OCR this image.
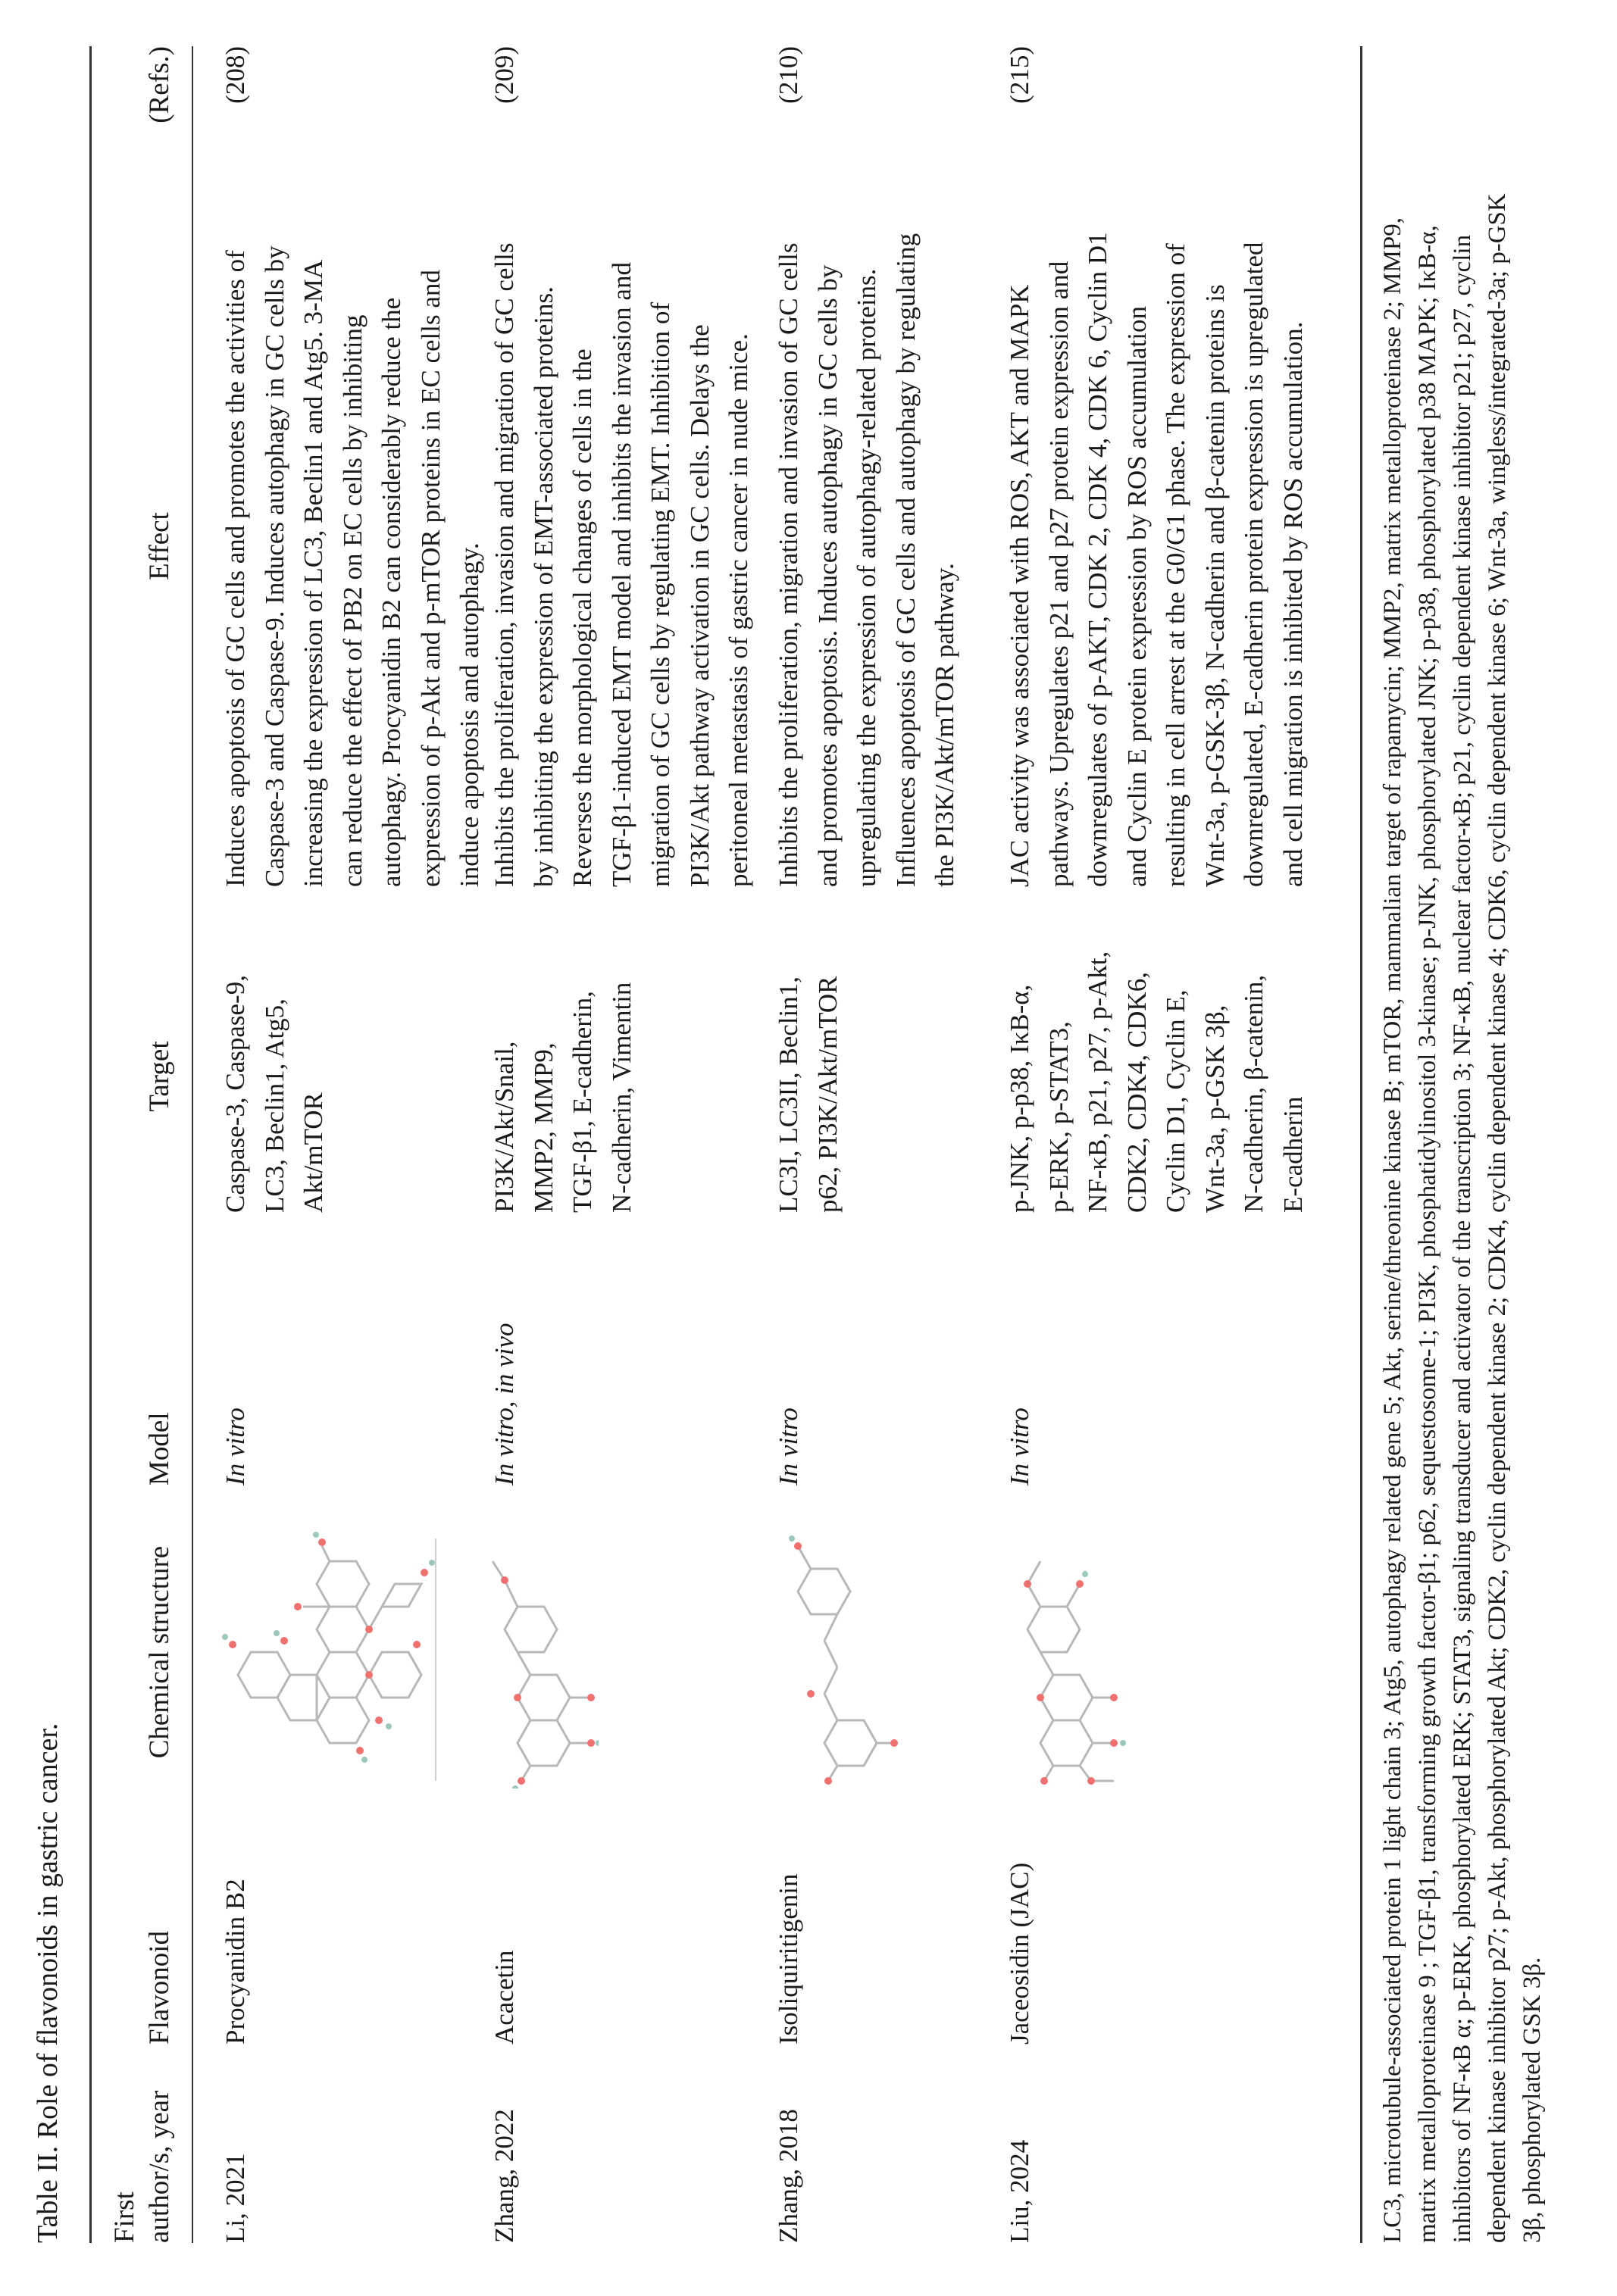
Table II. Role of flavonoids in gastric cancer. First author/s, year
Flavonoid
Chemical structure
Model
Target
Effect
(Refs.)
Li, 2021
Procyanidin B2
In vitro
Caspase-3, Caspase-9, LC3, Beclin1, Atg5, Akt/mTOR
Induces apoptosis of GC cells and promotes the activities of Caspase-3 and Caspase-9. Induces autophagy in GC cells by increasing the expression of LC3, Beclin1 and Atg5. 3-MA can reduce the effect of PB2 on EC cells by inhibiting autophagy. Procyanidin B2 can considerably reduce the expression of p-Akt and p-mTOR proteins in EC cells and induce apoptosis and autophagy.
(208)
Zhang, 2022
Acacetin
In vitro, in vivo
PI3K/Akt/Snail, MMP2, MMP9, TGF-β1, E-cadherin, N-cadherin, Vimentin
Inhibits the proliferation, invasion and migration of GC cells by inhibiting the expression of EMT-associated proteins. Reverses the morphological changes of cells in the TGF-β1-induced EMT model and inhibits the invasion and migration of GC cells by regulating EMT. Inhibition of PI3K/Akt pathway activation in GC cells. Delays the peritoneal metastasis of gastric cancer in nude mice.
(209)
Zhang, 2018
Isoliquiritigenin
In vitro
LC3I, LC3II, Beclin1, p62, PI3K/Akt/mTOR
Inhibits the proliferation, migration and invasion of GC cells and promotes apoptosis. Induces autophagy in GC cells by upregulating the expression of autophagy-related proteins. Influences apoptosis of GC cells and autophagy by regulating the PI3K/Akt/mTOR pathway.
(210)
Liu, 2024
Jaceosidin (JAC)
In vitro
p-JNK, p-p38, IκB-α, p-ERK, p-STAT3, NF-κB, p21, p27, p-Akt, CDK2, CDK4, CDK6, Cyclin D1, Cyclin E, Wnt-3a, p-GSK 3β, N-cadherin, β-catenin, E-cadherin
JAC activity was associated with ROS, AKT and MAPK pathways. Upregulates p21 and p27 protein expression and downregulates of p-AKT, CDK 2, CDK 4, CDK 6, Cyclin D1 and Cyclin E protein expression by ROS accumulation resulting in cell arrest at the G0/G1 phase. The expression of Wnt-3a, p-GSK-3β, N-cadherin and β-catenin proteins is downregulated, E-cadherin protein expression is upregulated and cell migration is inhibited by ROS accumulation.
(215)
LC3, microtubule-associated protein 1 light chain 3; Atg5, autophagy related gene 5; Akt, serine/threonine kinase B; mTOR, mammalian target of rapamycin; MMP2, matrix metalloproteinase 2; MMP9, matrix metalloproteinase 9 ; TGF-β1, transforming growth factor-β1; p62, sequestosome-1; PI3K, phosphatidylinositol 3-kinase; p-JNK, phosphorylated JNK; p-p38, phosphorylated p38 MAPK; IκB-α, inhibitors of NF-κB α; p-ERK, phosphorylated ERK; STAT3, signaling transducer and activator of the transcription 3; NF-κB, nuclear factor-κB; p21, cyclin dependent kinase inhibitor p21; p27, cyclin dependent kinase inhibitor p27; p-Akt, phosphorylated Akt; CDK2, cyclin dependent kinase 2; CDK4, cyclin dependent kinase 4; CDK6, cyclin dependent kinase 6; Wnt-3a, wingless/integrated-3a; p-GSK 3β, phosphorylated GSK 3β.
